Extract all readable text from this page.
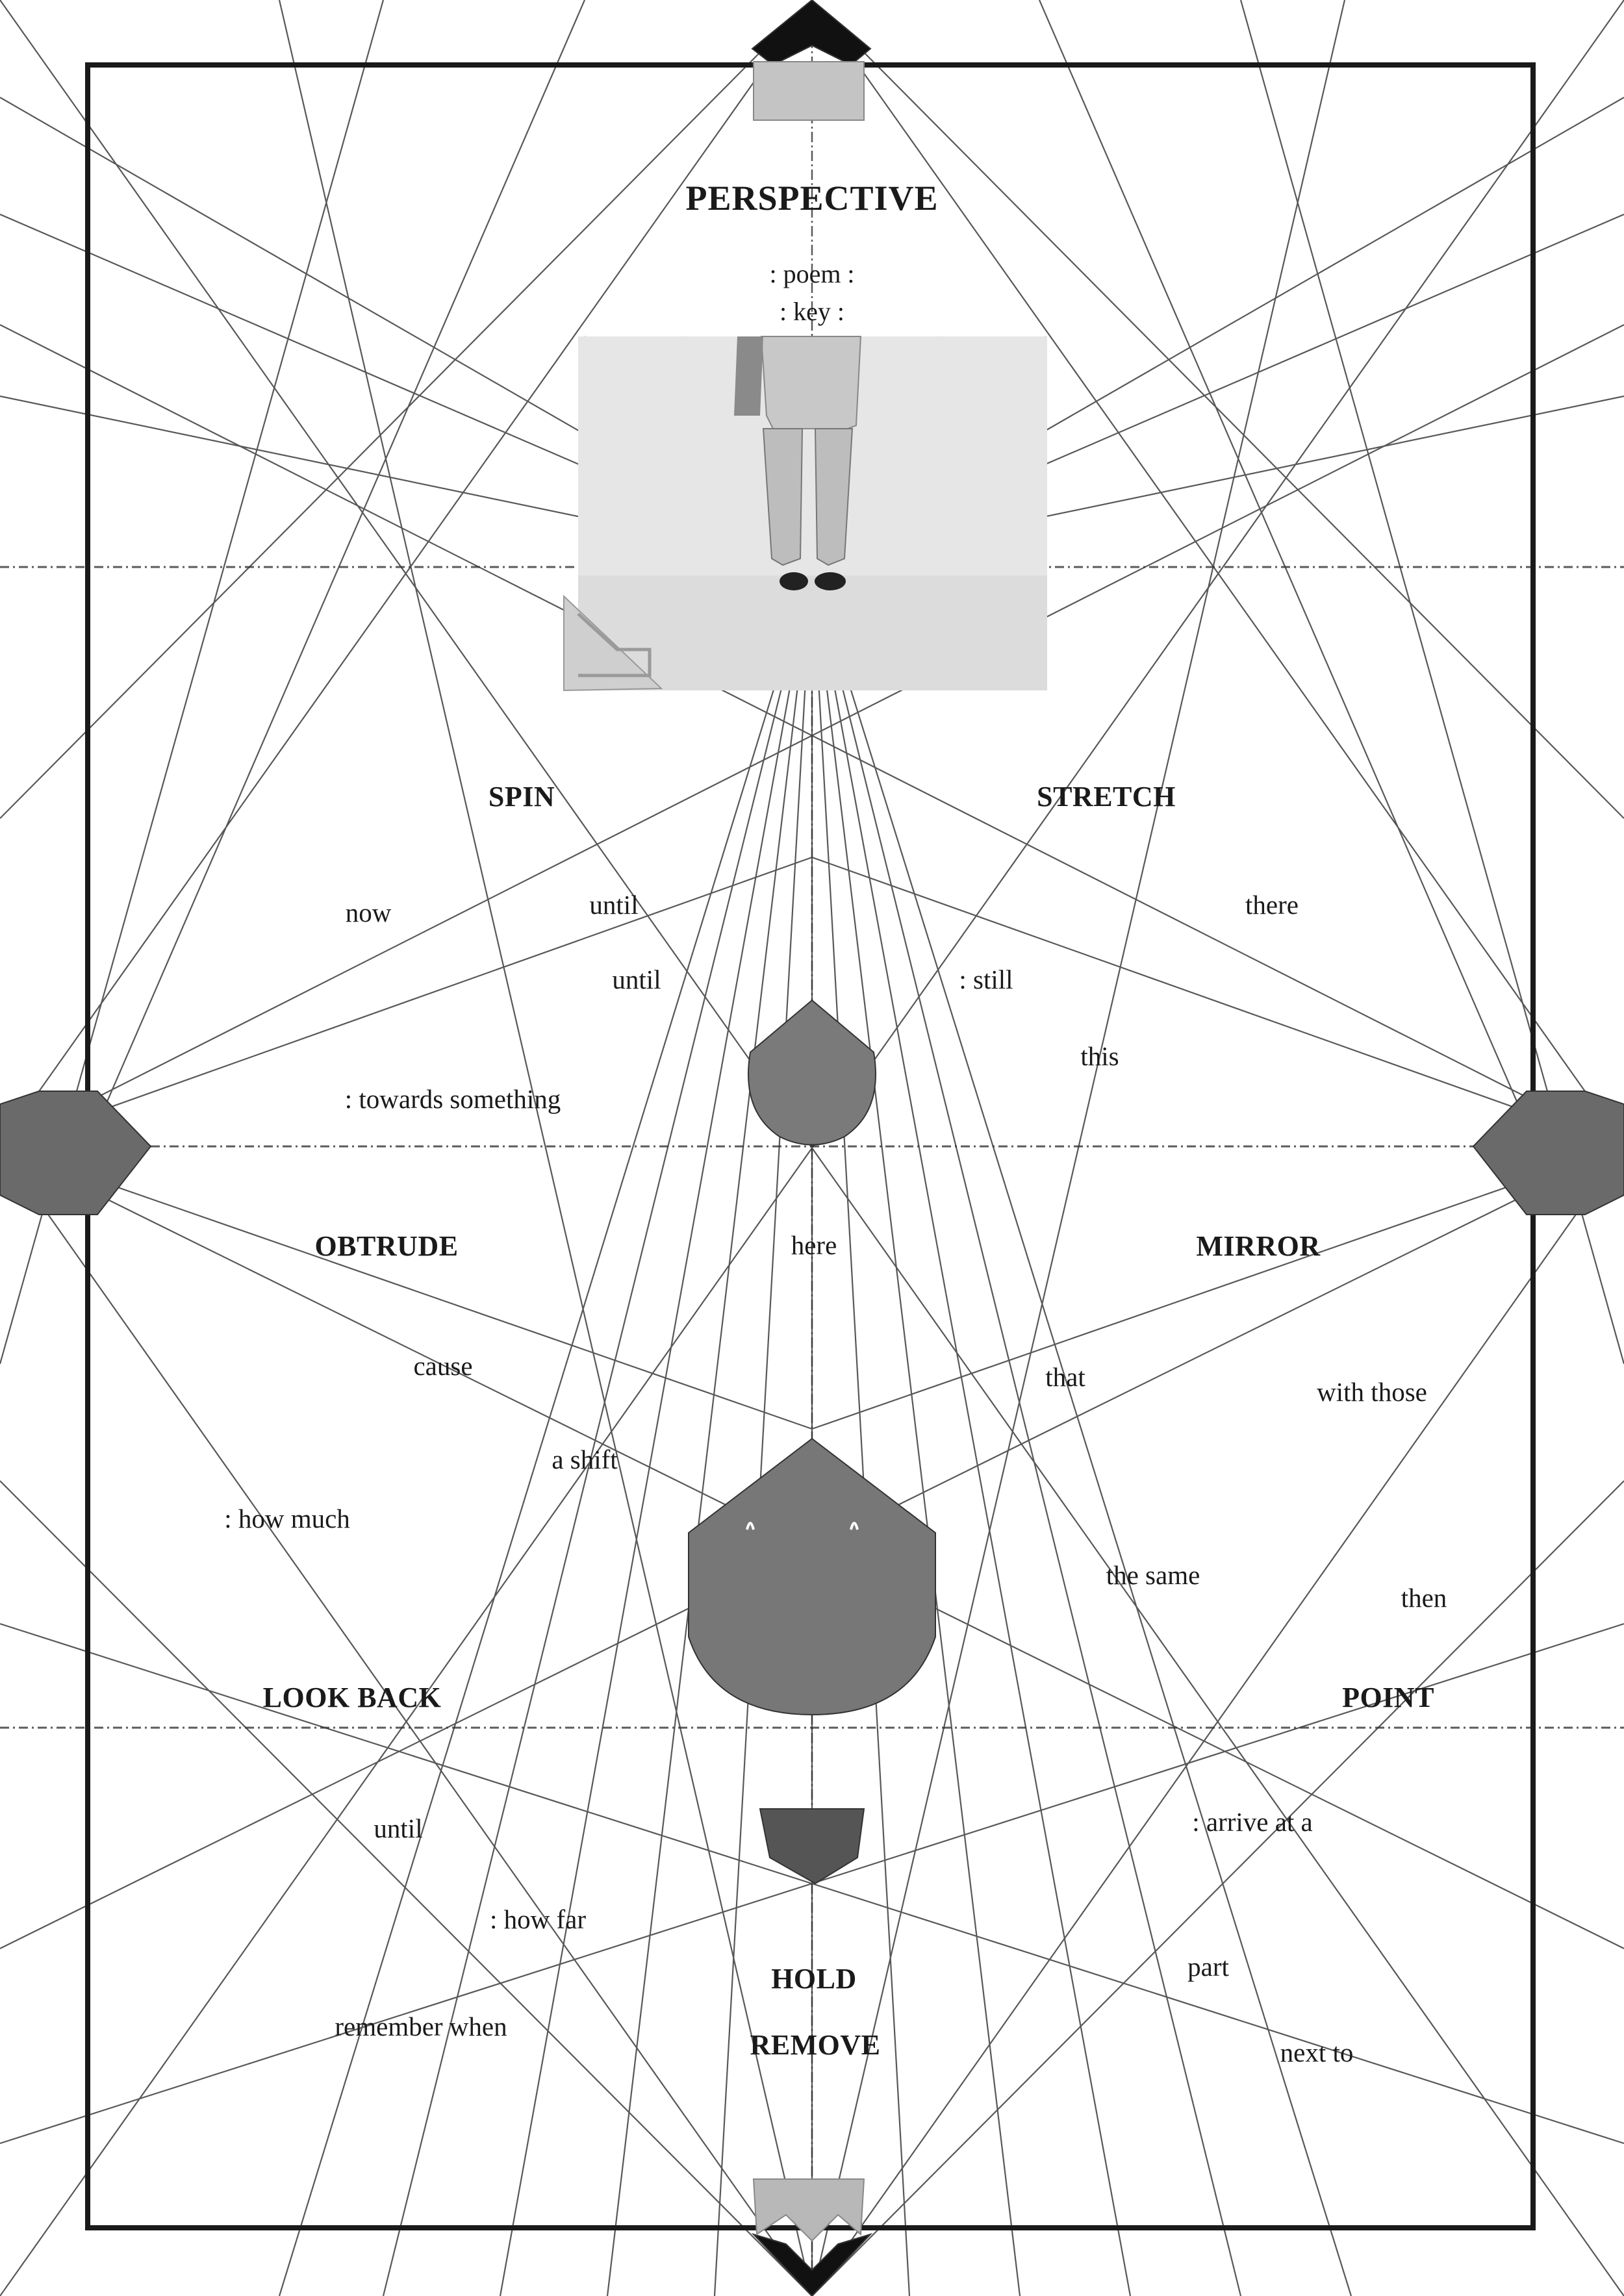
PERSPECTIVE
: poem :
: key :
SPIN	STRETCH
OBTRUDE	MIRROR
LOOK BACK	POINT
HOLD
REMOVE
now	until
until
there
: still
this
: towards something
here
cause	that	with those
a shift
: how much
the same
then
until	: arrive at a
: how far
part
remember when
next to
